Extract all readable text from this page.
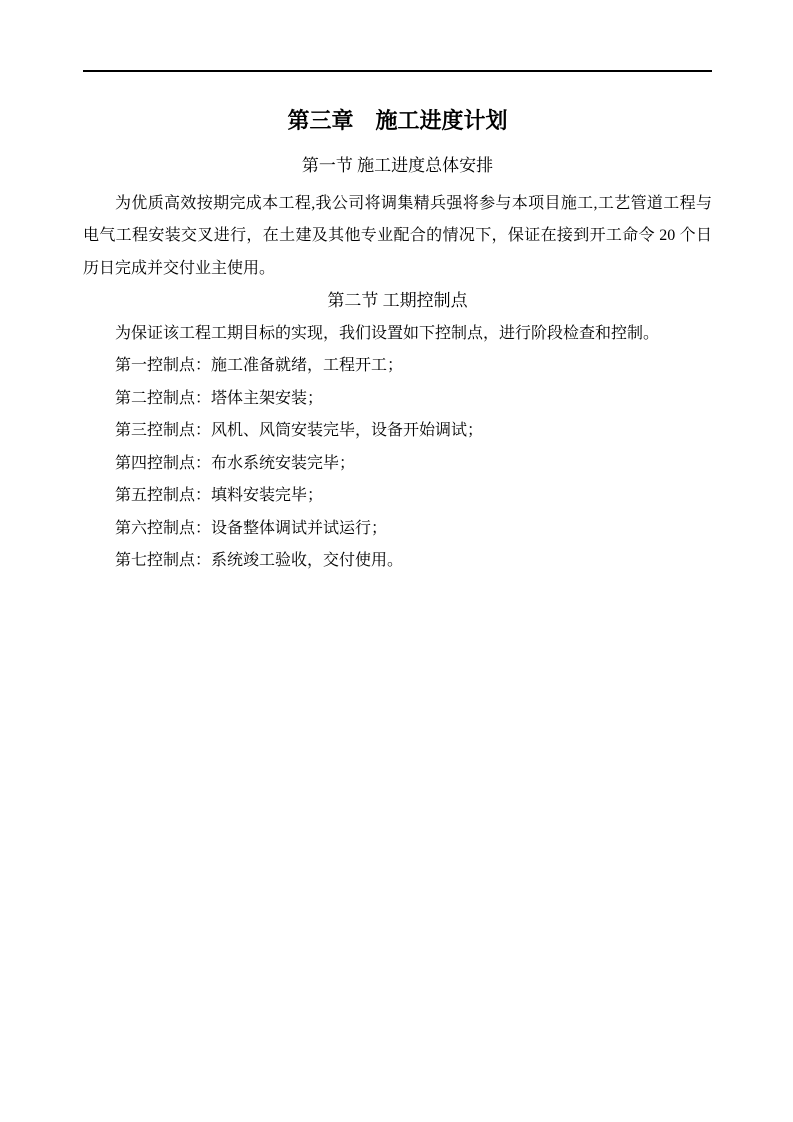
第三章　施工进度计划
第一节 施工进度总体安排

为优质高效按期完成本工程,我公司将调集精兵强将参与本项目施工,工艺管道工程与电气工程安装交叉进行，在土建及其他专业配合的情况下，保证在接到开工命令 20 个日历日完成并交付业主使用。

第二节 工期控制点

为保证该工程工期目标的实现，我们设置如下控制点，进行阶段检查和控制。

第一控制点：施工准备就绪，工程开工；

第二控制点：塔体主架安装；

第三控制点：风机、风筒安装完毕，设备开始调试；

第四控制点：布水系统安装完毕；

第五控制点：填料安装完毕；

第六控制点：设备整体调试并试运行；

第七控制点：系统竣工验收，交付使用。
